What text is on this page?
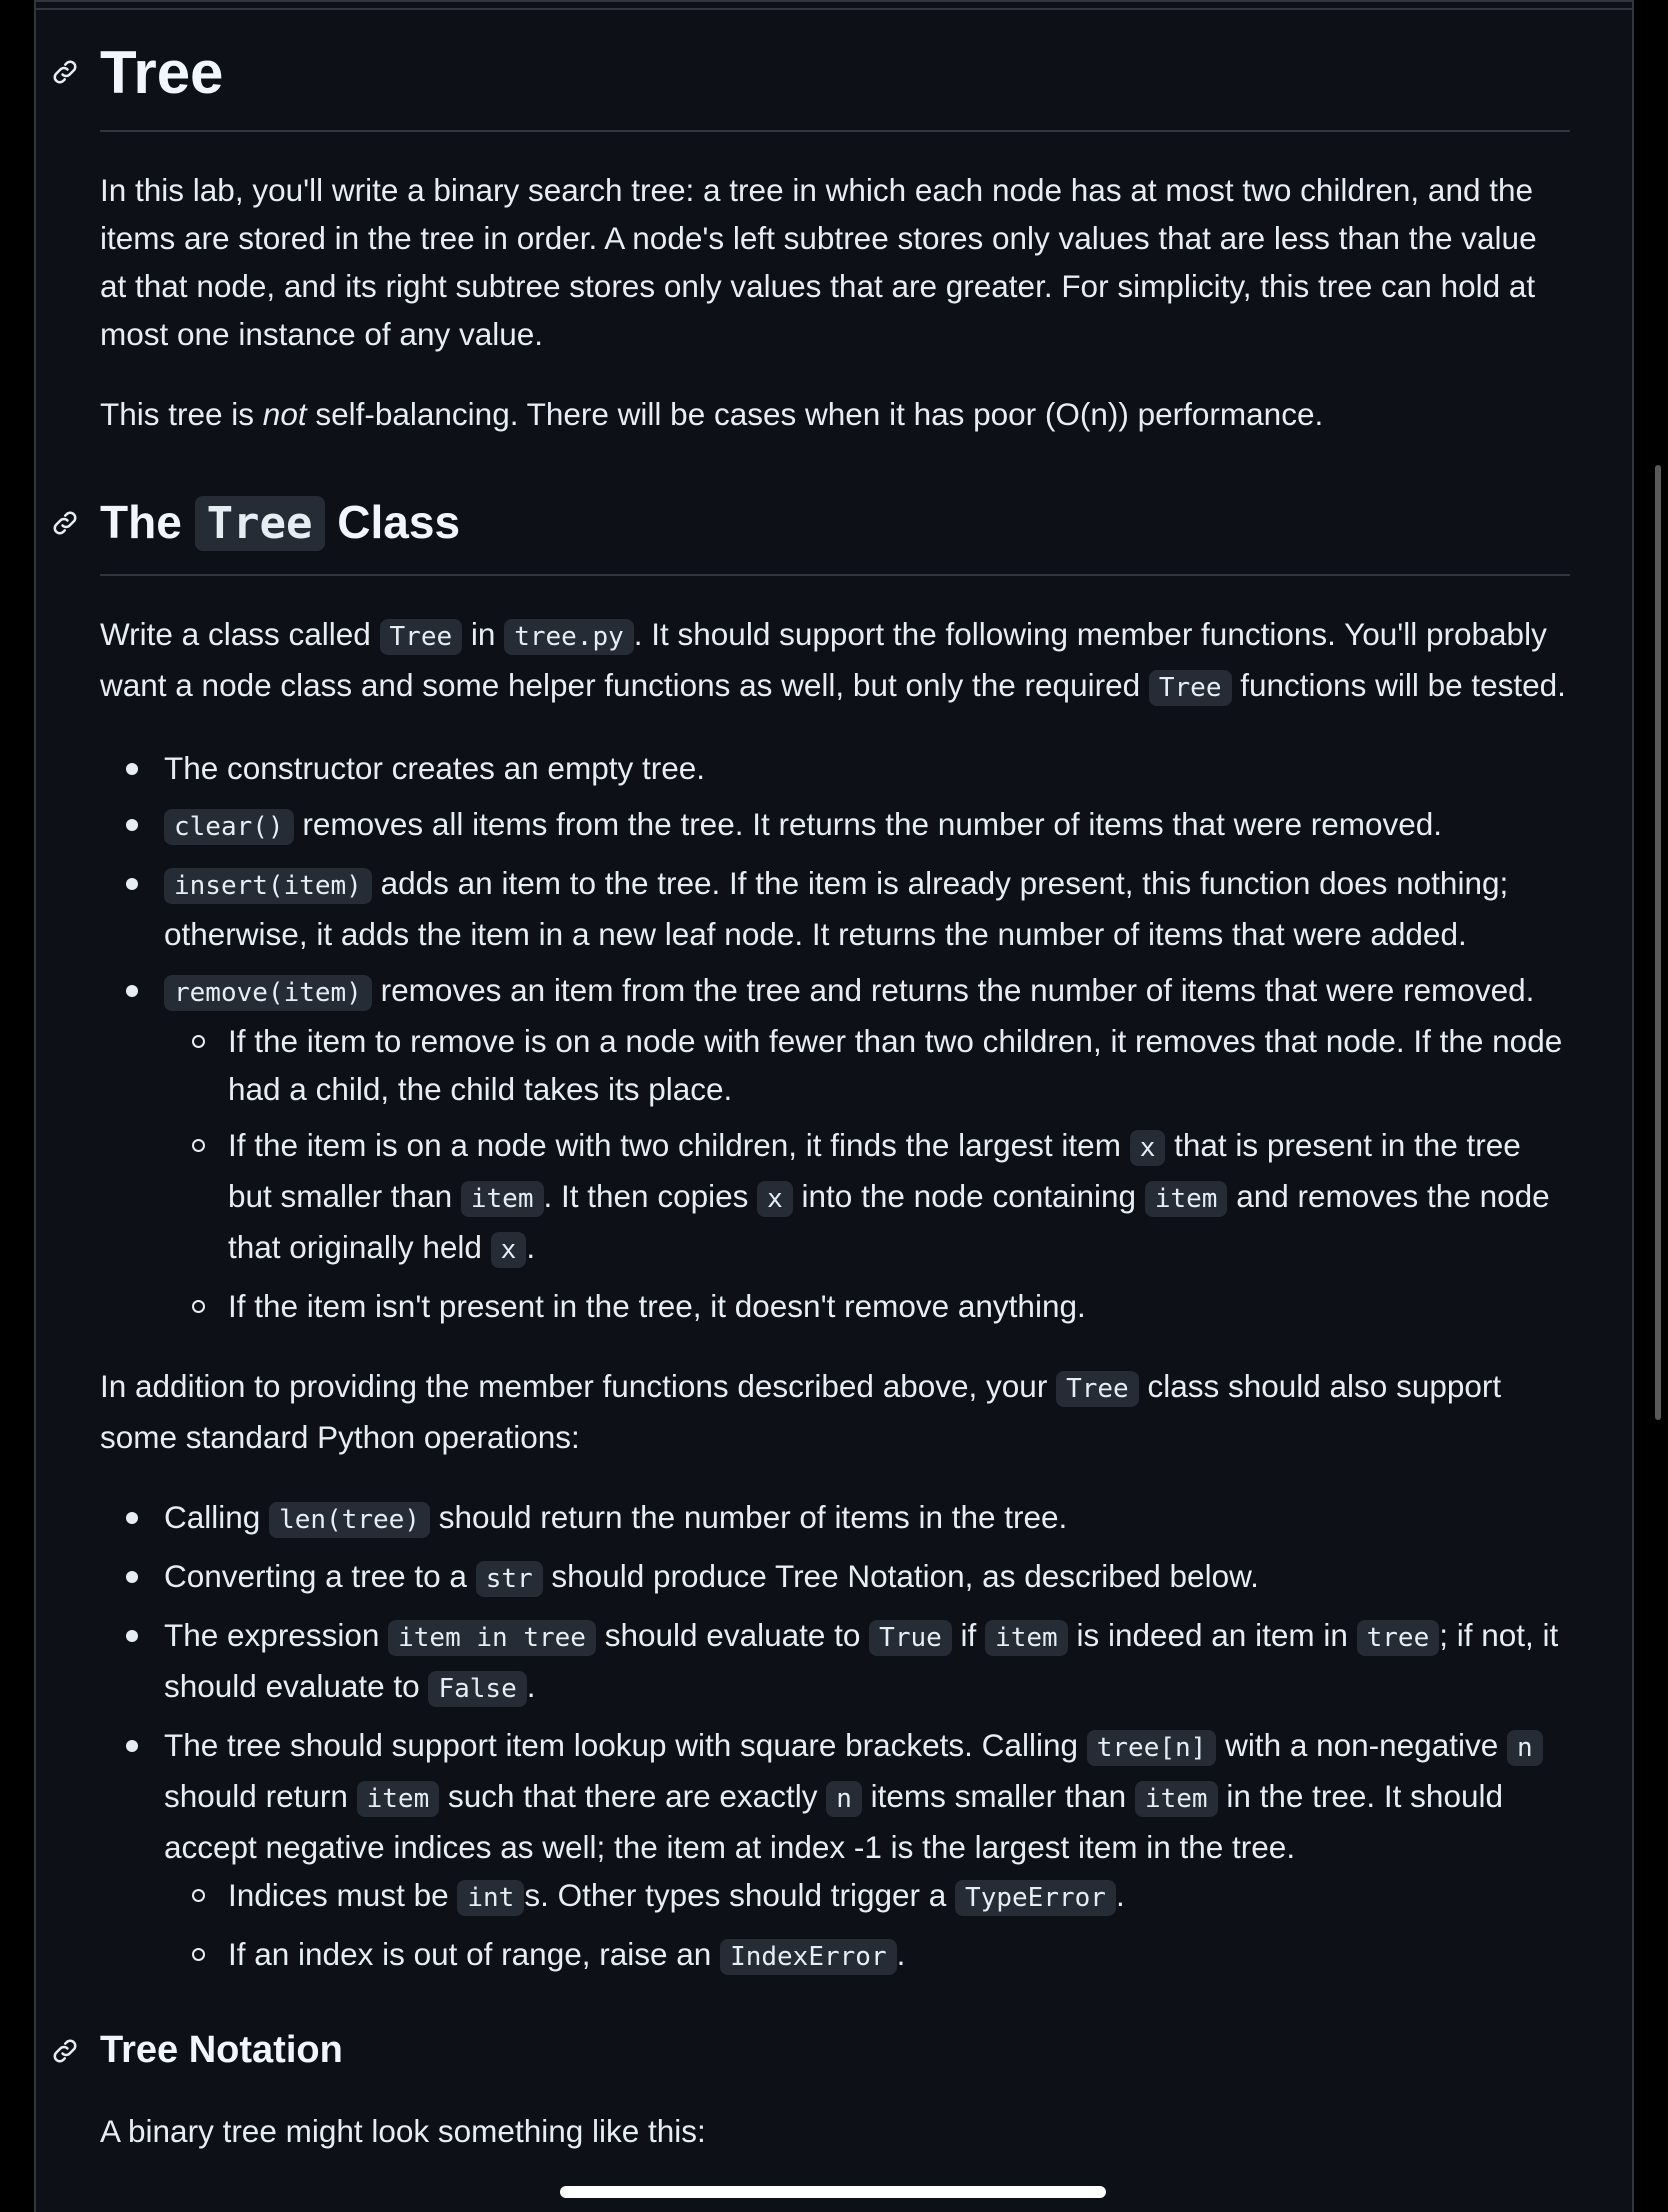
Tree

In this lab, you'll write a binary search tree: a tree in which each node has at most two children, and the items are stored in the tree in order. A node's left subtree stores only values that are less than the value at that node, and its right subtree stores only values that are greater. For simplicity, this tree can hold at most one instance of any value.

This tree is not self-balancing. There will be cases when it has poor (O(n)) performance.

The Tree Class

Write a class called Tree in tree.py . It should support the following member functions. You'll probably want a node class and some helper functions as well, but only the required Tree functions will be tested.

The constructor creates an empty tree.
clear() removes all items from the tree. It returns the number of items that were removed.
insert(item) adds an item to the tree. If the item is already present, this function does nothing; otherwise, it adds the item in a new leaf node. It returns the number of items that were added.
remove(item) removes an item from the tree and returns the number of items that were removed.
If the item to remove is on a node with fewer than two children, it removes that node. If the node had a child, the child takes its place.
If the item is on a node with two children, it finds the largest item x that is present in the tree but smaller than item . It then copies x into the node containing item and removes the node that originally held x .
If the item isn't present in the tree, it doesn't remove anything.

In addition to providing the member functions described above, your Tree class should also support some standard Python operations:

Calling len(tree) should return the number of items in the tree.
Converting a tree to a str should produce Tree Notation, as described below.
The expression item in tree should evaluate to True if item is indeed an item in tree ; if not, it should evaluate to False .
The tree should support item lookup with square brackets. Calling tree[n] with a non-negative n should return item such that there are exactly n items smaller than item in the tree. It should accept negative indices as well; the item at index -1 is the largest item in the tree.
Indices must be int s. Other types should trigger a TypeError .
If an index is out of range, raise an IndexError .
Tree Notation

A binary tree might look something like this:
